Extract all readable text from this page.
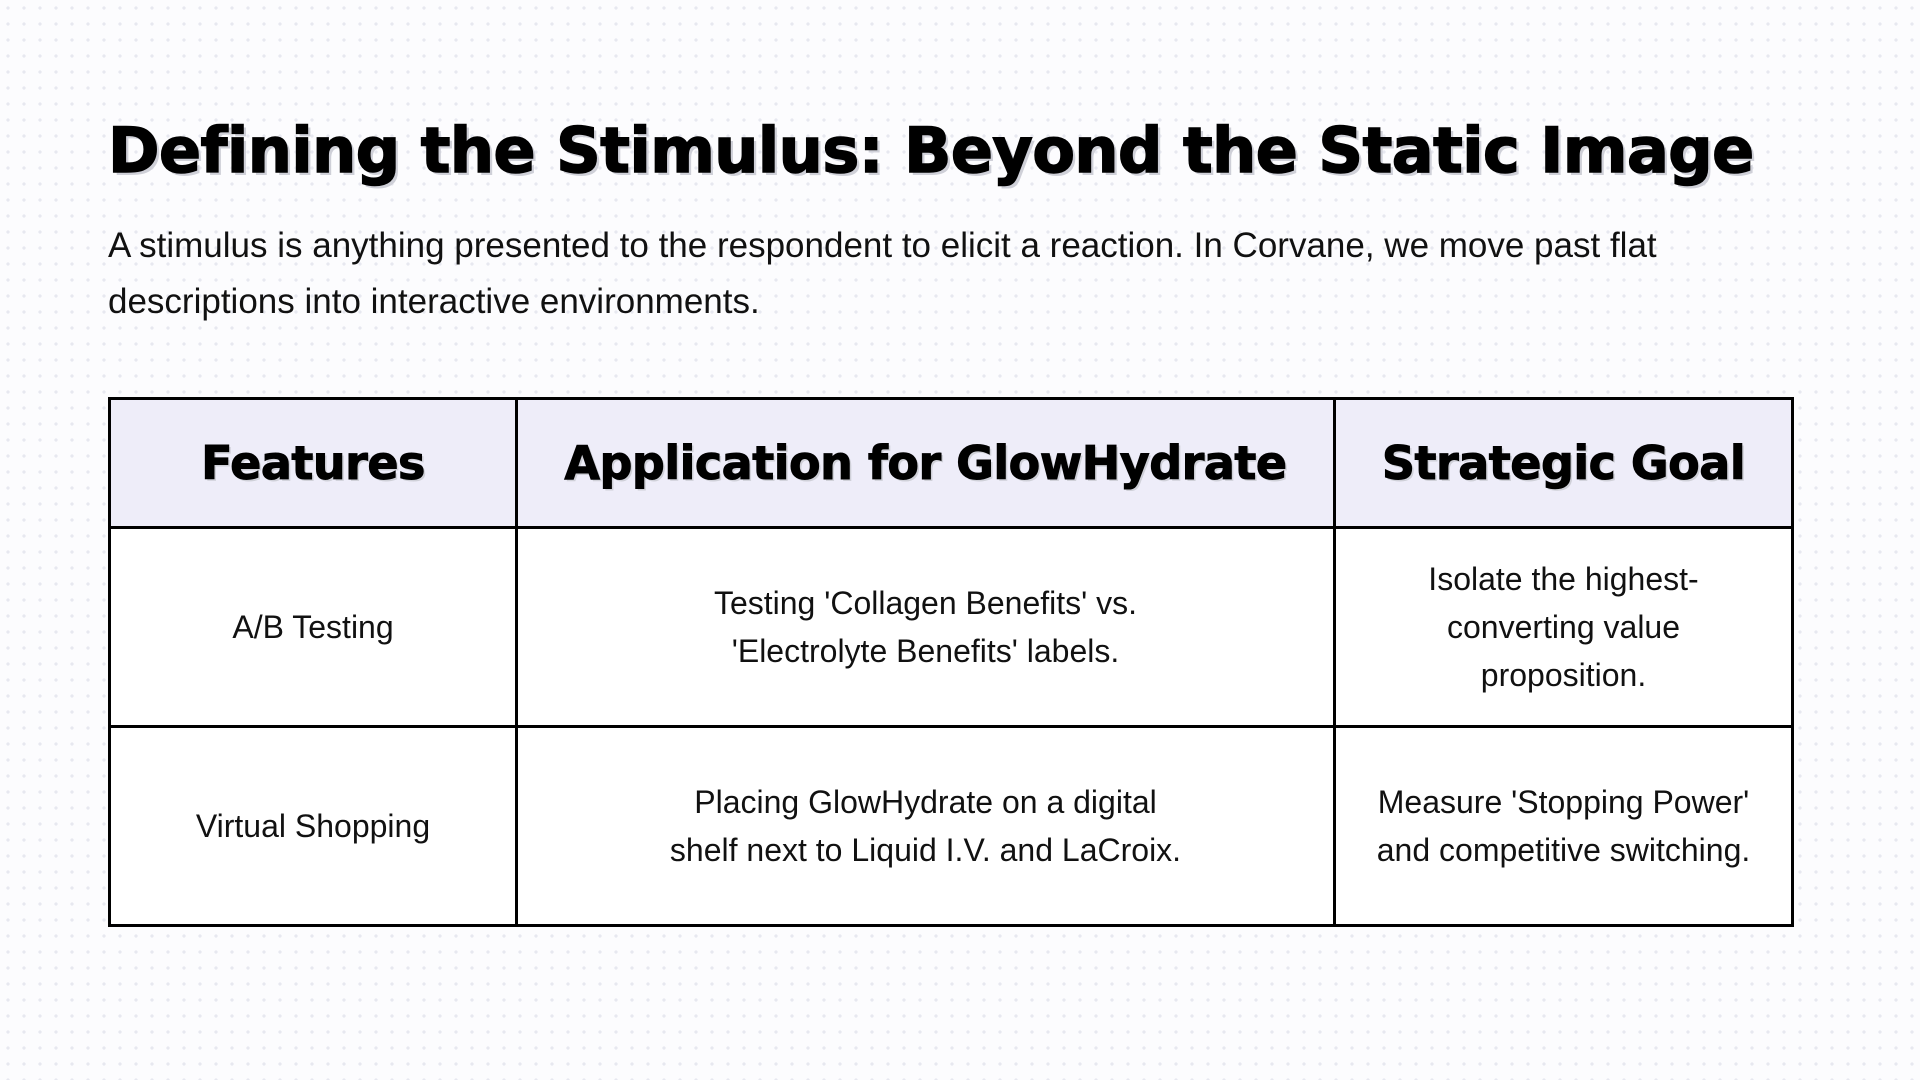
Defining the Stimulus: Beyond the Static Image

A stimulus is anything presented to the respondent to elicit a reaction. In Corvane, we move past flat descriptions into interactive environments.

Features	Application for GlowHydrate	Strategic Goal
A/B Testing	Testing 'Collagen Benefits' vs. 'Electrolyte Benefits' labels.	Isolate the highest-converting value proposition.
Virtual Shopping	Placing GlowHydrate on a digital shelf next to Liquid I.V. and LaCroix.	Measure 'Stopping Power' and competitive switching.
